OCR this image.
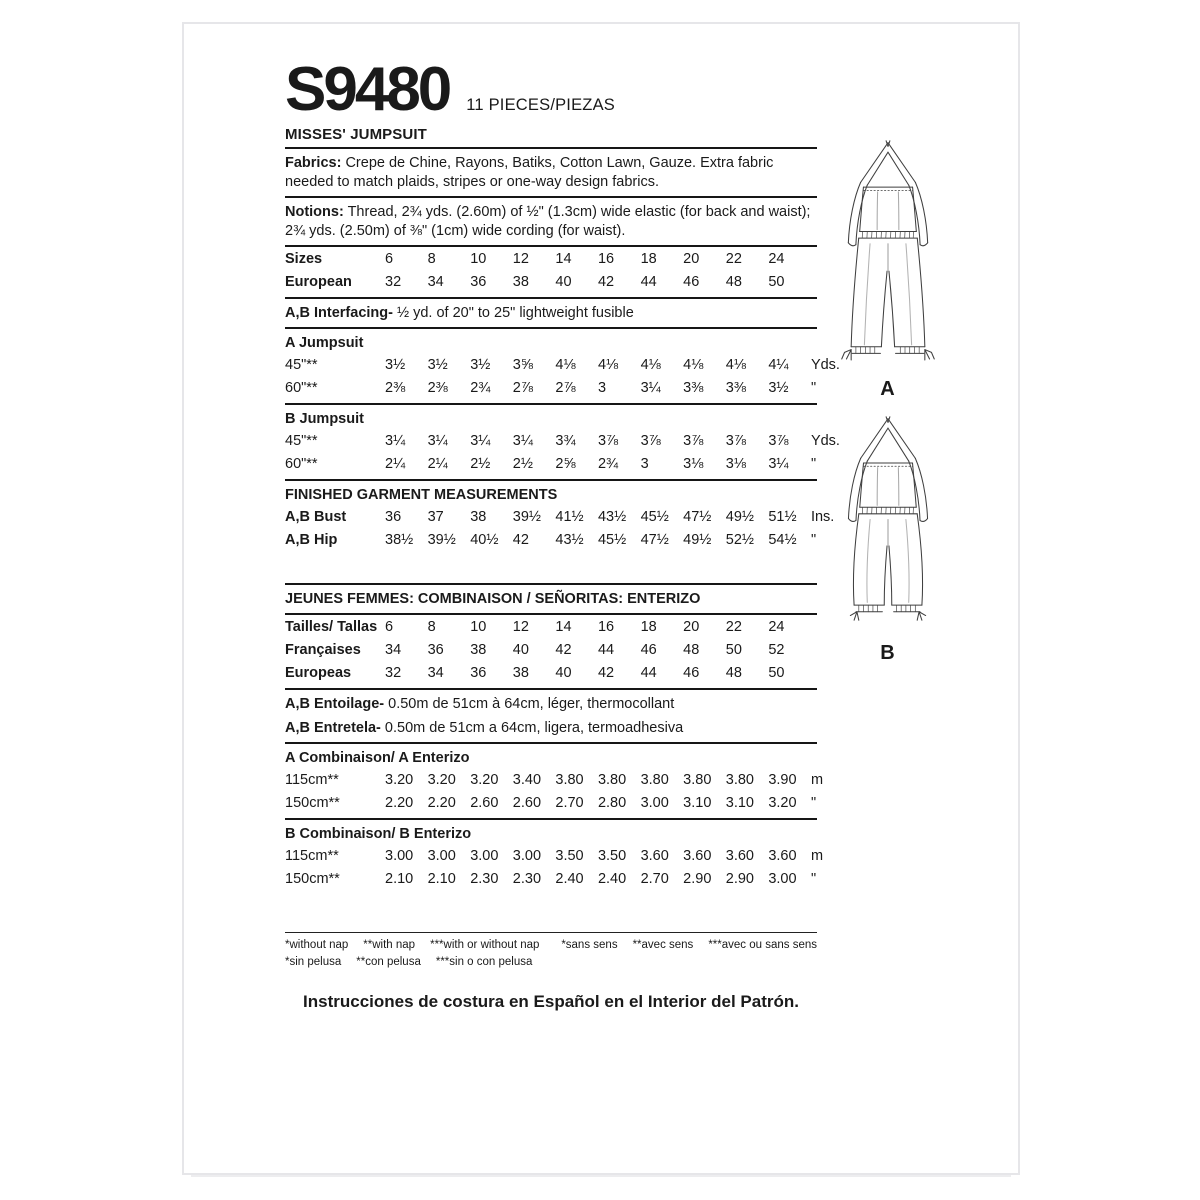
S9480 11 PIECES/PIEZAS
MISSES' JUMPSUIT

Fabrics: Crepe de Chine, Rayons, Batiks, Cotton Lawn, Gauze. Extra fabric needed to match plaids, stripes or one-way design fabrics.

Notions: Thread, 2¾ yds. (2.60m) of ½" (1.3cm) wide elastic (for back and waist); 2¾ yds. (2.50m) of ⅜" (1cm) wide cording (for waist).

Sizes	6	8	10	12	14	16	18	20	22	24
European	32	34	36	38	40	42	44	46	48	50

A,B Interfacing- ½ yd. of 20" to 25" lightweight fusible

A Jumpsuit
45"**	3½	3½	3½	3⅝	4⅛	4⅛	4⅛	4⅛	4⅛	4¼	Yds.
60"**	2⅜	2⅜	2¾	2⅞	2⅞	3	3¼	3⅜	3⅜	3½	"
B Jumpsuit
45"**	3¼	3¼	3¼	3¼	3¾	3⅞	3⅞	3⅞	3⅞	3⅞	Yds.
60"**	2¼	2¼	2½	2½	2⅝	2¾	3	3⅛	3⅛	3¼	"
FINISHED GARMENT MEASUREMENTS
A,B Bust	36	37	38	39½ 41½ 43½ 45½ 47½ 49½ 51½ Ins.
A,B Hip	38½ 39½ 40½ 42	43½ 45½ 47½ 49½ 52½ 54½ "
JEUNES FEMMES: COMBINAISON / SEÑORITAS: ENTERIZO
Tailles/ Tallas 6	8	10	12	14	16	18	20	22	24
Françaises	34	36	38	40	42	44	46	48	50	52
Europeas	32	34	36	38	40	42	44	46	48	50

A,B Entoilage- 0.50m de 51cm à 64cm, léger, thermocollant

A,B Entretela- 0.50m de 51cm a 64cm, ligera, termoadhesiva

A Combinaison/ A Enterizo
115cm**	3.20 3.20 3.20 3.40 3.80 3.80 3.80 3.80 3.80 3.90 m
150cm**	2.20 2.20 2.60 2.60 2.70 2.80 3.00 3.10 3.10 3.20 "
B Combinaison/ B Enterizo
115cm**	3.00 3.00 3.00 3.00 3.50 3.50 3.60 3.60 3.60 3.60 m
150cm**	2.10 2.10 2.30 2.30 2.40 2.40 2.70 2.90 2.90 3.00 "
*without nap **with nap ***with or without nap *sans sens **avec sens ***avec ou sans sens
*sin pelusa **con pelusa ***sin o con pelusa
Instrucciones de costura en Español en el Interior del Patrón.
A
B
